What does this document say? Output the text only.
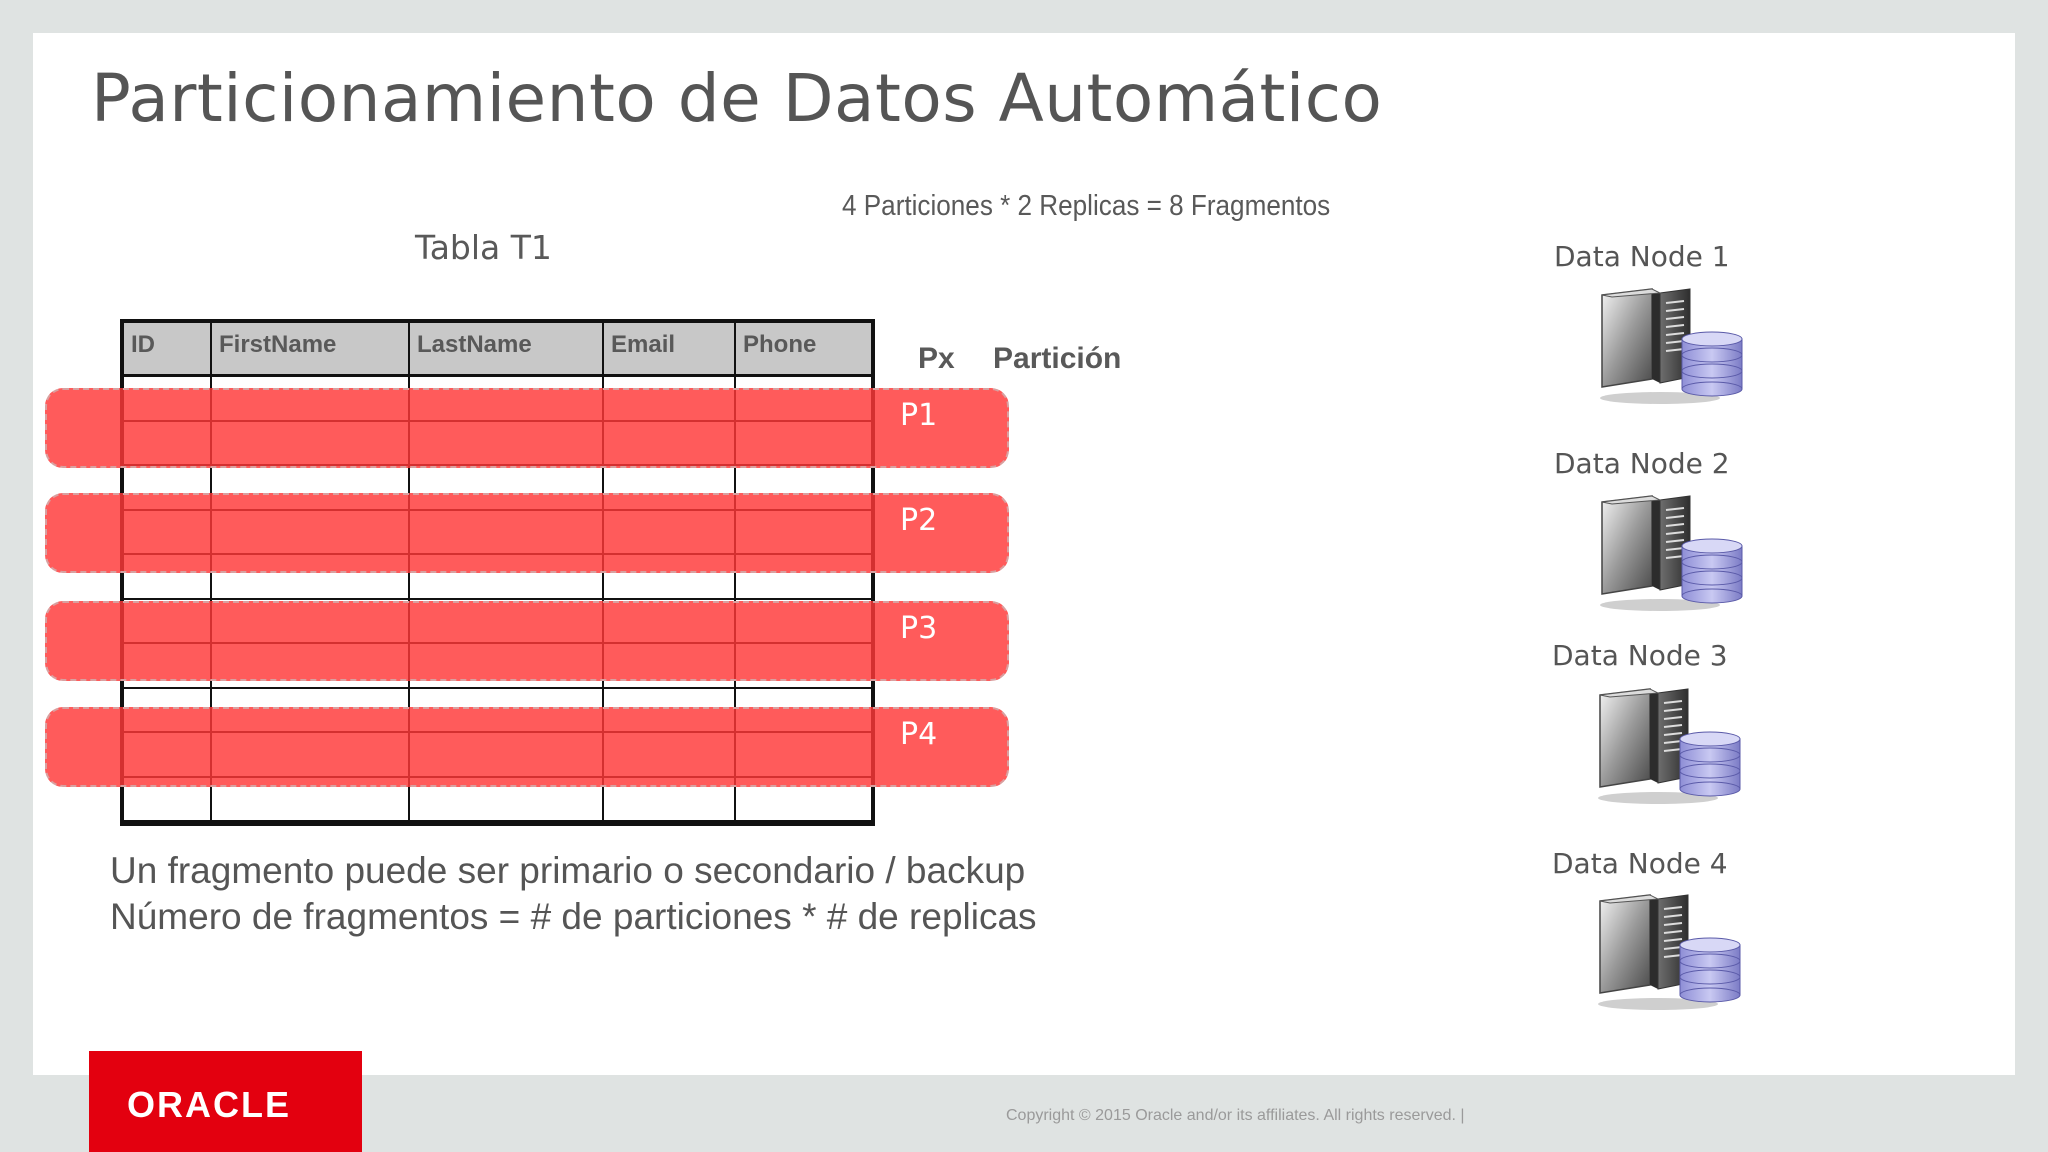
Particionamiento de Datos Automático
4 Particiones * 2 Replicas = 8 Fragmentos
Tabla T1
Px Partición
ID	FirstName	LastName	Email	Phone
P1
P2
P3
P4
Un fragmento puede ser primario o secondario / backup
Número de fragmentos = # de particiones * # de replicas
Data Node 1
Data Node 2
Data Node 3
Data Node 4
ORACLE	Copyright © 2015 Oracle and/or its affiliates. All rights reserved. |
